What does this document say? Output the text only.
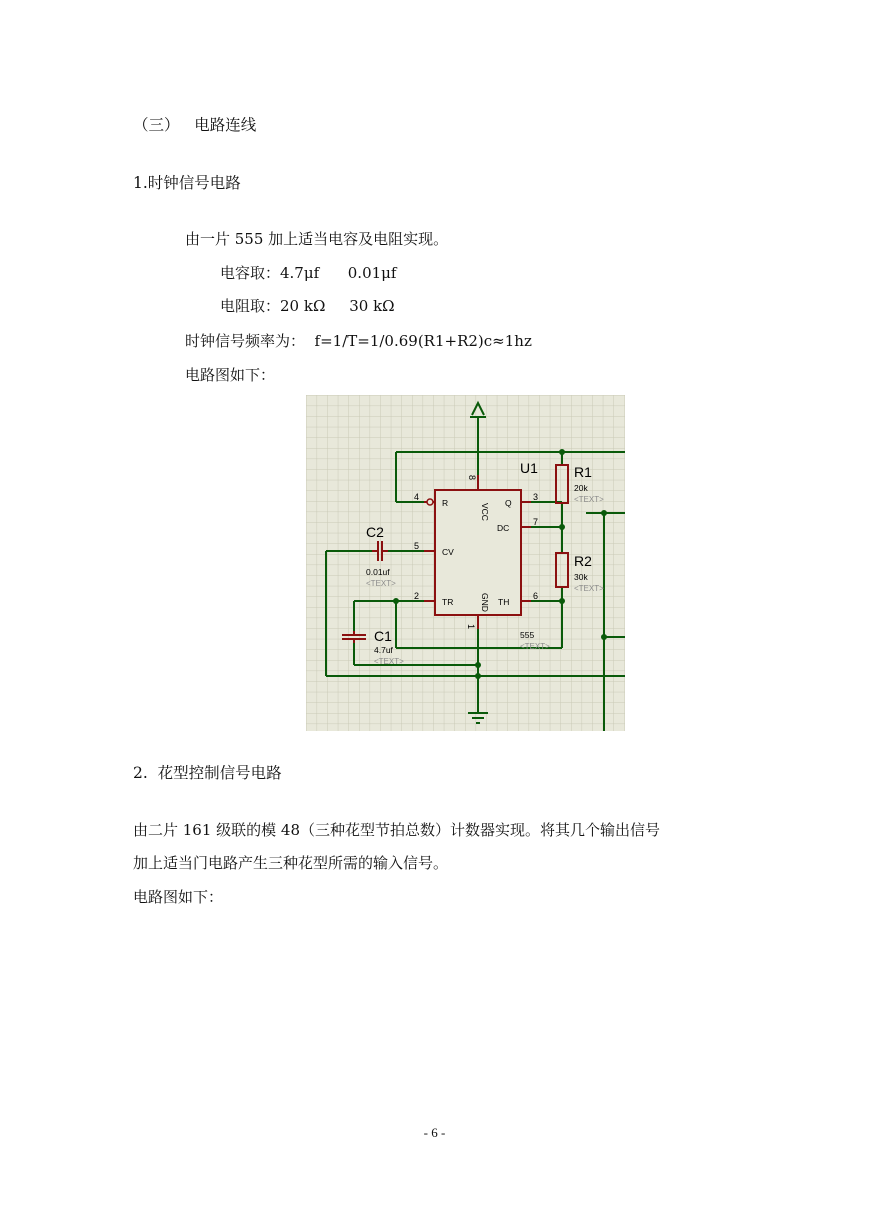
（三）   电路连线
1.时钟信号电路
由一片 555 加上适当电容及电阻实现。
电容取：4.7μf      0.01μf
电阻取：20 kΩ     30 kΩ
时钟信号频率为：  f=1/T=1/0.69(R1+R2)c≈1hz
电路图如下：
8
4	3
7
5
2	6
1
R	VCC Q
DC
CV
TR	GND TH
U1
555
<TEXT>
R1
20k
<TEXT>
R2
30k
<TEXT>
C2
0.01uf
<TEXT>
C1
4.7uf
<TEXT>
2.  花型控制信号电路
由二片 161 级联的模 48（三种花型节拍总数）计数器实现。将其几个输出信号
加上适当门电路产生三种花型所需的输入信号。
电路图如下：
- 6 -
